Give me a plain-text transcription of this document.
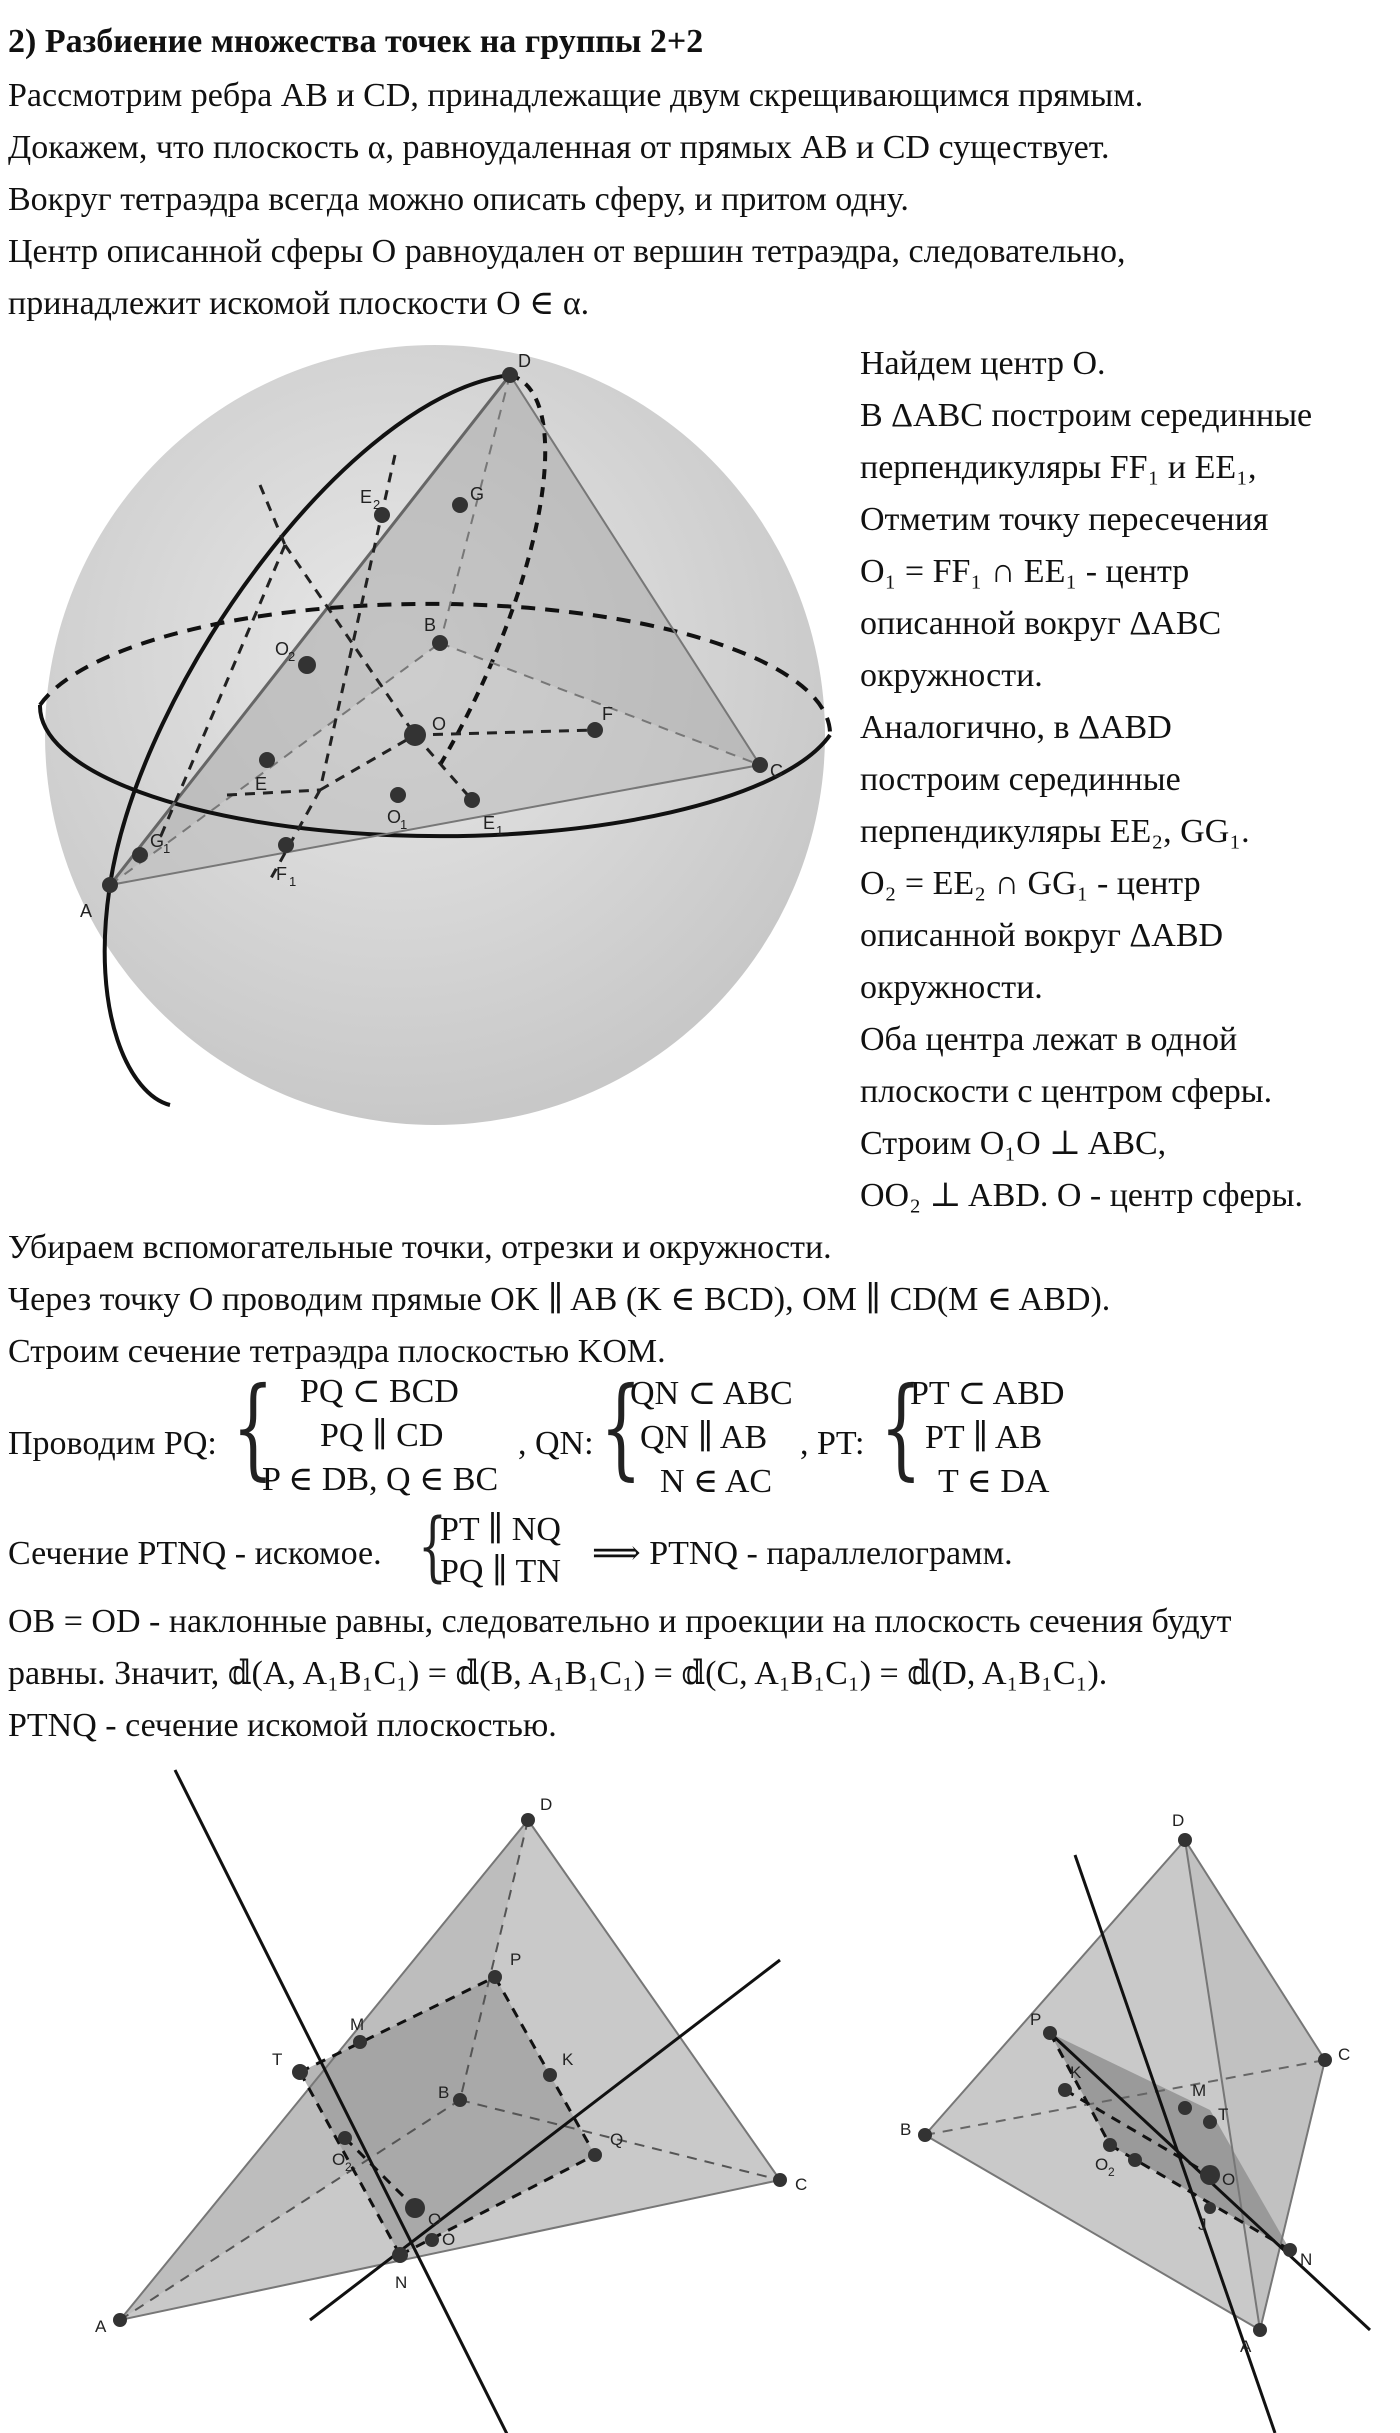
2) Разбиение множества точек на группы 2+2
Рассмотрим ребра AB и CD, принадлежащие двум скрещивающимся прямым.
Докажем, что плоскость α, равноудаленная от прямых AB и CD существует.
Вокруг тетраэдра всегда можно описать сферу, и притом одну.
Центр описанной сферы O равноудален от вершин тетраэдра, следовательно,
принадлежит искомой плоскости O ∈ α.
D
E 2
G
B
O
2
O	F
E
O
1	E 1
C
A
F 1
G
1
Найдем центр O.
В ΔABC построим серединные
перпендикуляры FF₁ и EE₁,
Отметим точку пересечения
O₁ = FF₁ ∩ EE₁ - центр
описанной вокруг ΔABC
окружности.
Аналогично, в ΔABD
построим серединные
перпендикуляры EE₂, GG₁.
O₂ = EE₂ ∩ GG₁ - центр
описанной вокруг ΔABD
окружности.
Оба центра лежат в одной
плоскости с центром сферы.
Строим O₁O ⊥ ABC,
OO₂ ⊥ ABD. O - центр сферы.
Убираем вспомогательные точки, отрезки и окружности.
Через точку O проводим прямые OK ∥ AB (K ∈ BCD), OM ∥ CD(M ∈ ABD).
Строим сечение тетраэдра плоскостью KOM.
Проводим PQ: { PQ ⊂ BCD
PQ ∥ CD
P ∈ DB, Q ∈ BC
, QN: {
QN ⊂ ABC
QN ∥ AB
N ∈ AC
, PT: {
PT ⊂ ABD
PT ∥ AB
T ∈ DA
Сечение PTNQ - искомое. {
PT ∥ NQ
PQ ∥ TN ⟹ PTNQ - параллелограмм.
OB = OD - наклонные равны, следовательно и проекции на плоскость сечения будут
равны. Значит, 𝕕(A, A₁B₁C₁) = 𝕕(B, A₁B₁C₁) = 𝕕(C, A₁B₁C₁) = 𝕕(D, A₁B₁C₁).
PTNQ - сечение искомой плоскостью.
D
P
M
T
B
K
O 2
O
Q
C
O
N
A
D
P
K
M
T
O 2	O
C
B
J
N
A
